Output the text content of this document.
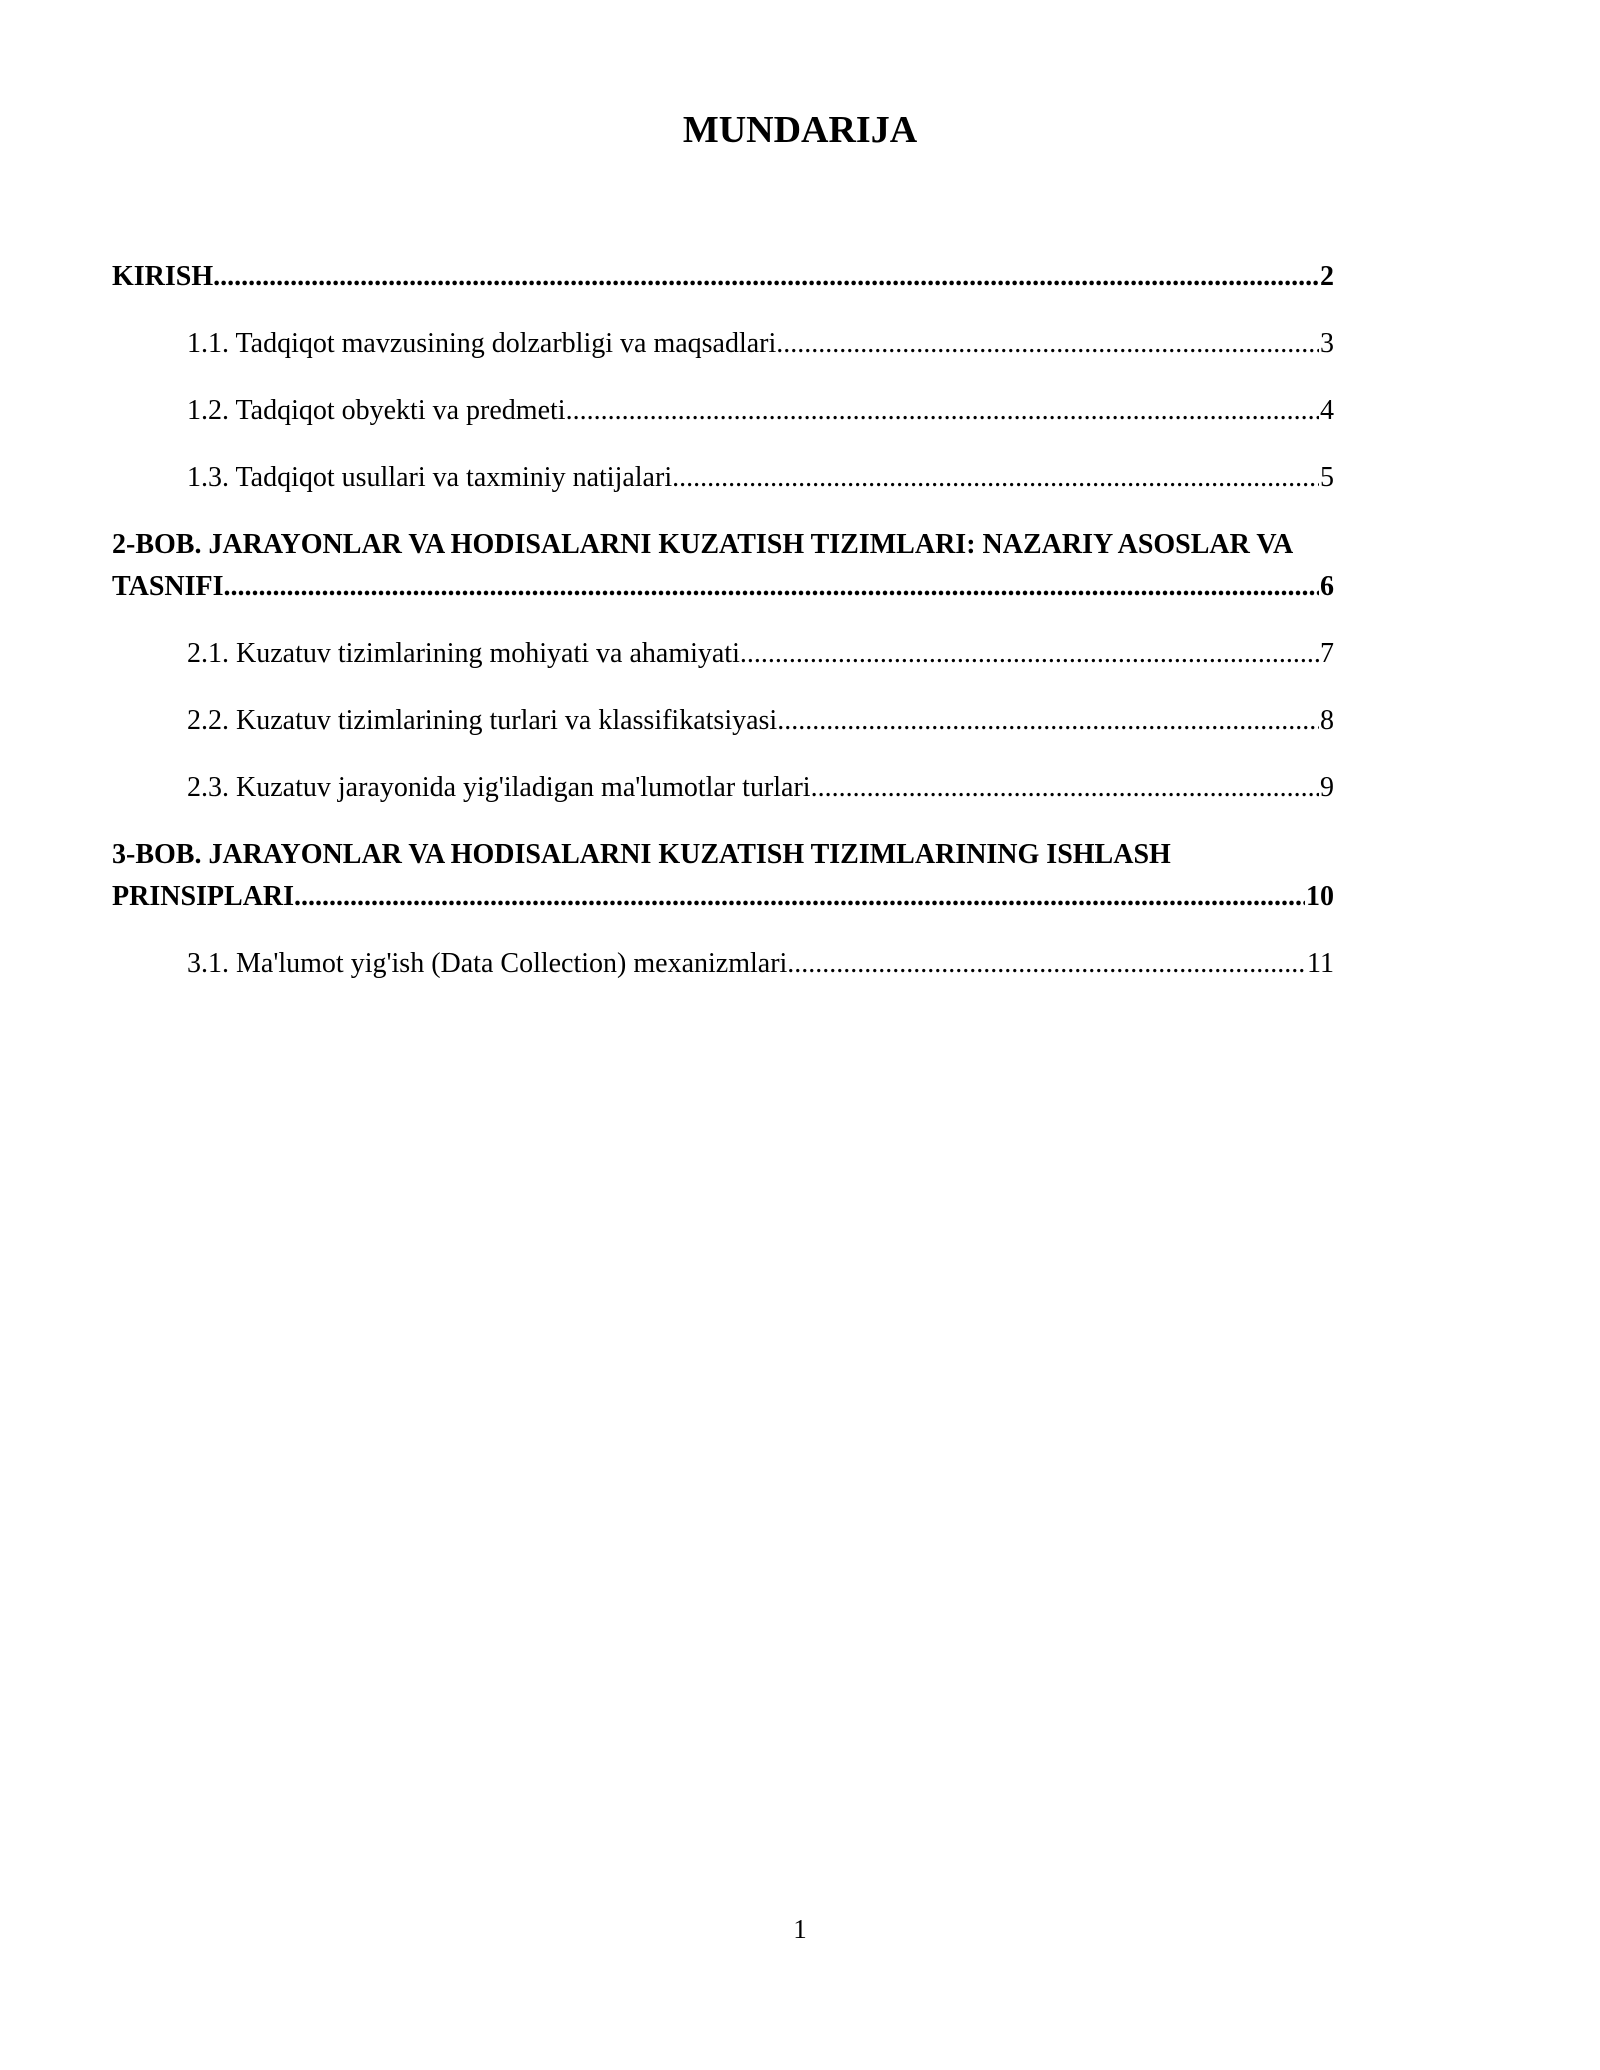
MUNDARIJA
KIRISH .....	2
1.1. Tadqiqot mavzusining dolzarbligi va maqsadlari .....	3
1.2. Tadqiqot obyekti va predmeti .....	4
1.3. Tadqiqot usullari va taxminiy natijalari .....	5
2-BOB. JARAYONLAR VA HODISALARNI KUZATISH TIZIMLARI: NAZARIY ASOSLAR VA
TASNIFI .....	6
2.1. Kuzatuv tizimlarining mohiyati va ahamiyati .....	7
2.2. Kuzatuv tizimlarining turlari va klassifikatsiyasi .....	8
2.3. Kuzatuv jarayonida yig'iladigan ma'lumotlar turlari .....	9
3-BOB. JARAYONLAR VA HODISALARNI KUZATISH TIZIMLARINING ISHLASH
PRINSIPLARI .....	10
3.1. Ma'lumot yig'ish (Data Collection) mexanizmlari .....	11
1
